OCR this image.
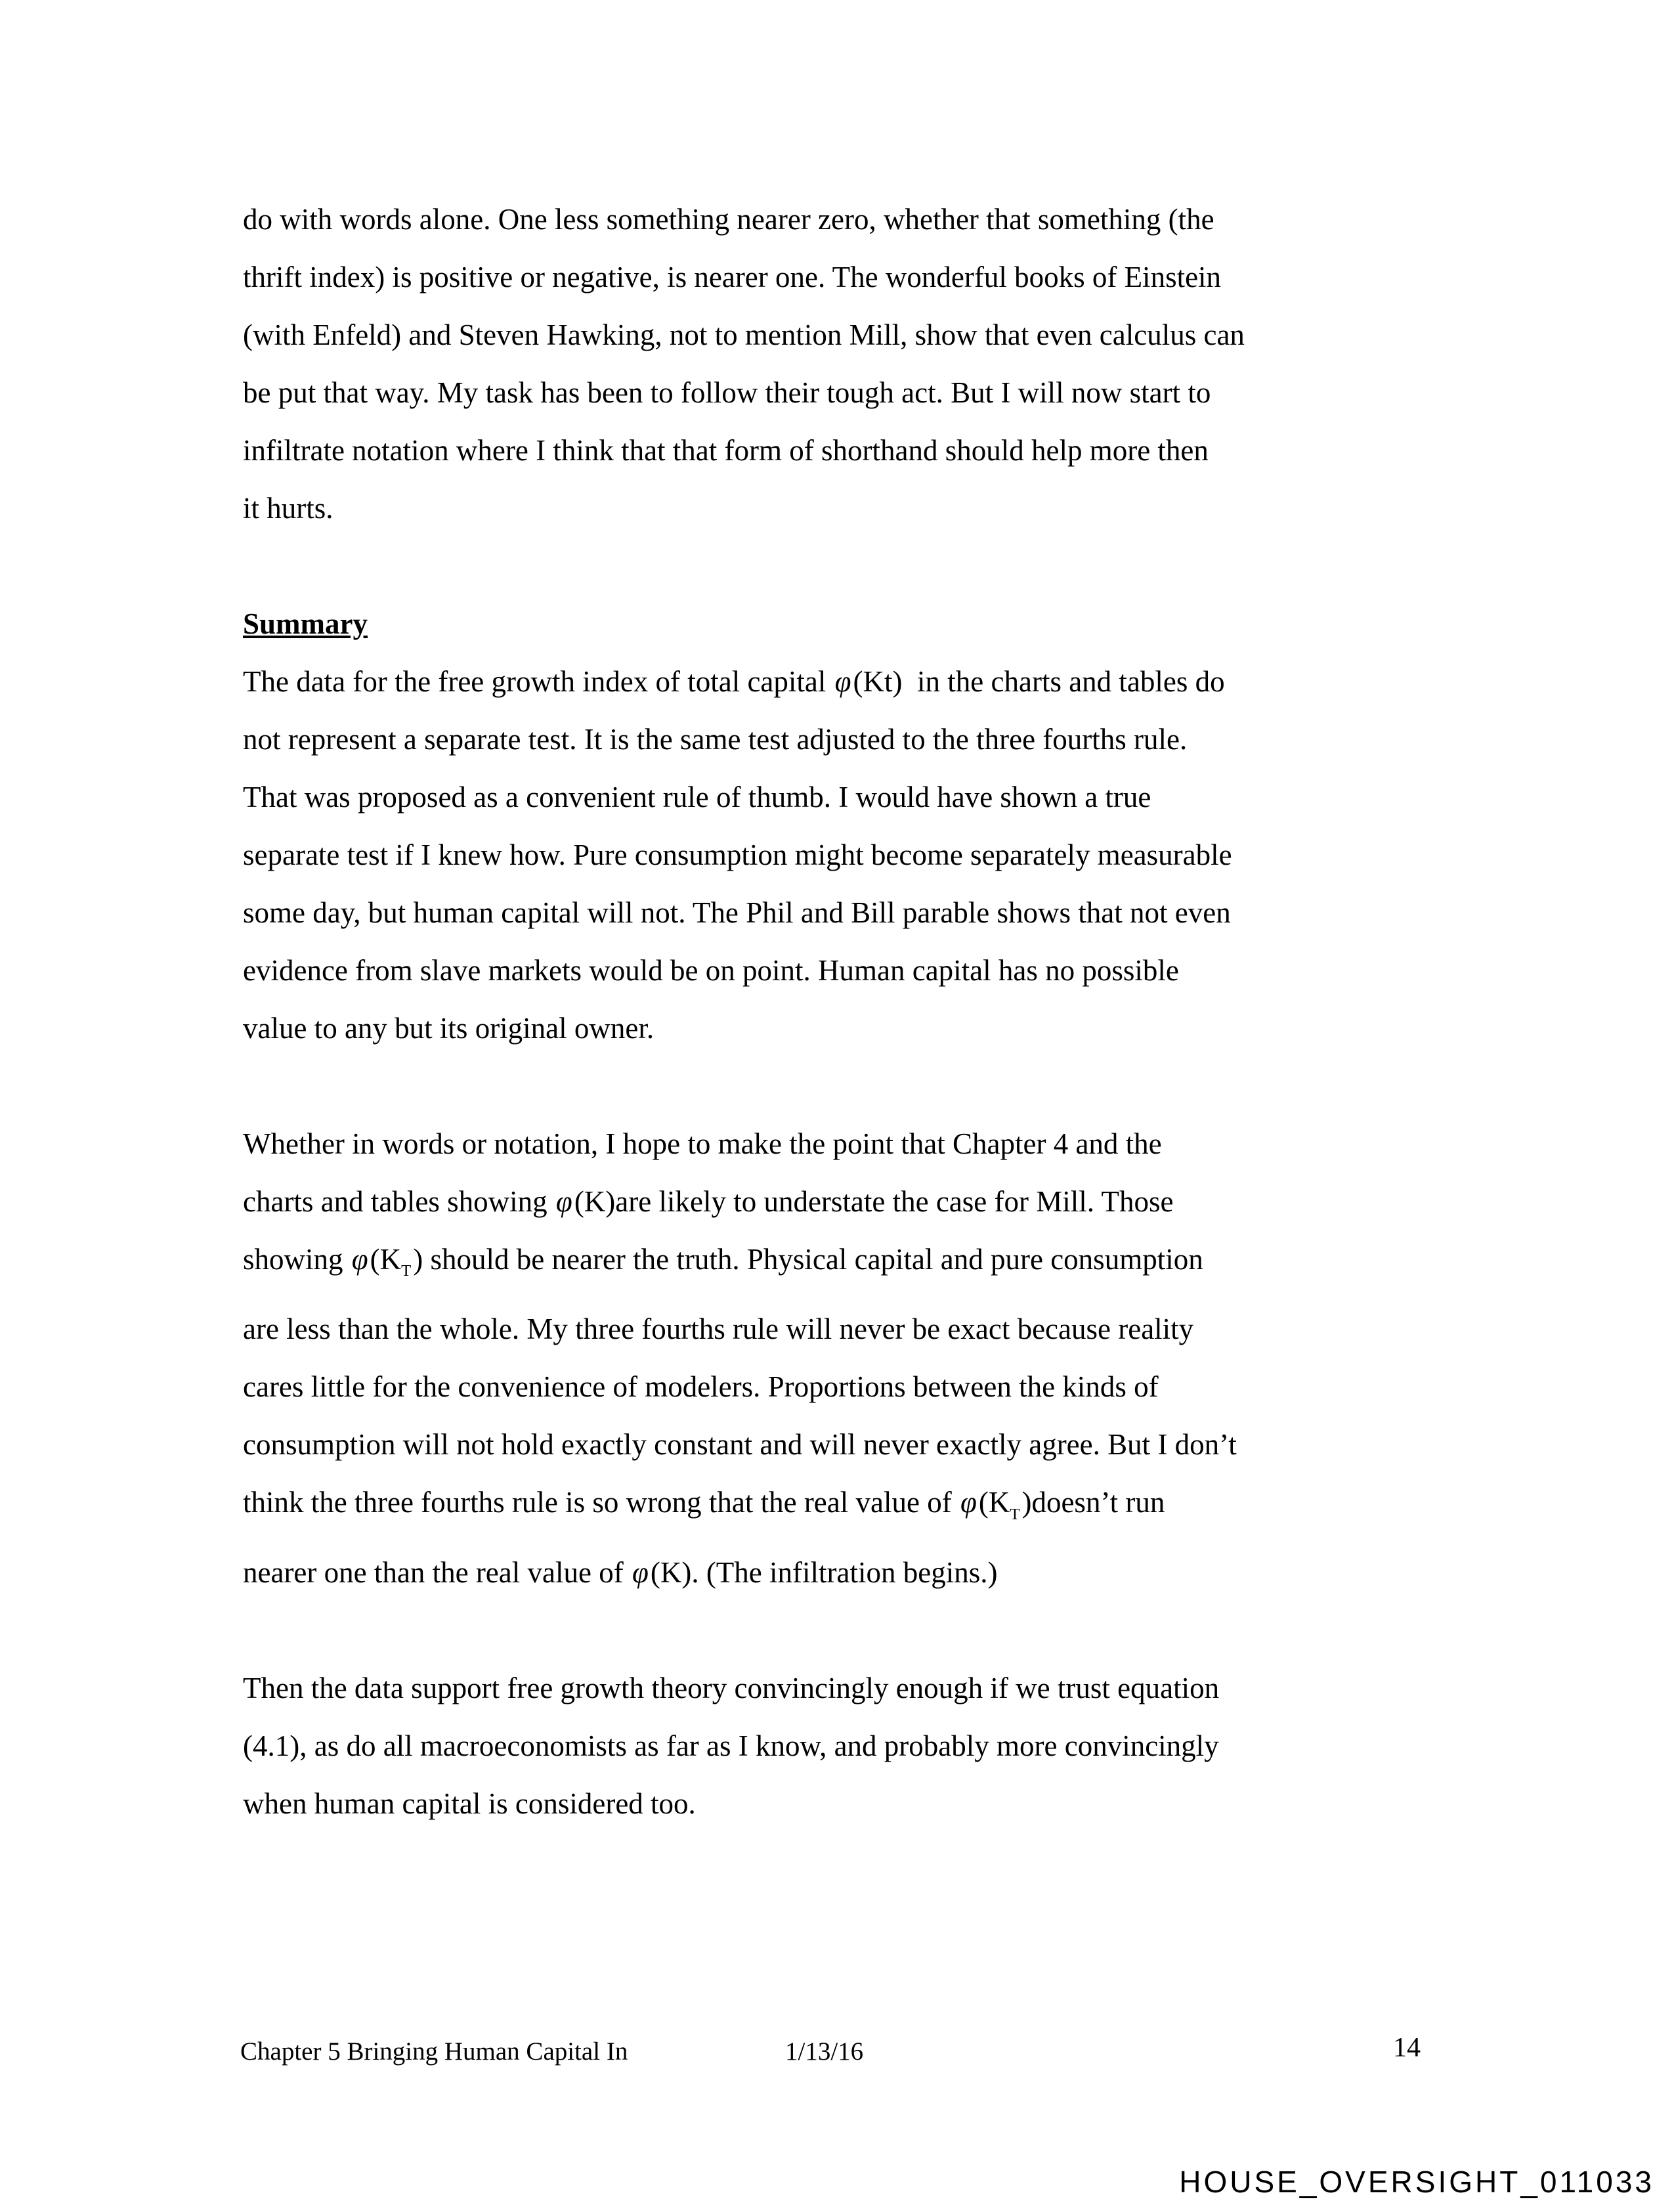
do with words alone. One less something nearer zero, whether that something (the
thrift index) is positive or negative, is nearer one. The wonderful books of Einstein
(with Enfeld) and Steven Hawking, not to mention Mill, show that even calculus can
be put that way. My task has been to follow their tough act. But I will now start to
infiltrate notation where I think that that form of shorthand should help more then
it hurts.
Summary
The data for the free growth index of total capital φ(Kt)  in the charts and tables do
not represent a separate test. It is the same test adjusted to the three fourths rule.
That was proposed as a convenient rule of thumb. I would have shown a true
separate test if I knew how. Pure consumption might become separately measurable
some day, but human capital will not. The Phil and Bill parable shows that not even
evidence from slave markets would be on point. Human capital has no possible
value to any but its original owner.
Whether in words or notation, I hope to make the point that Chapter 4 and the
charts and tables showing φ(K)are likely to understate the case for Mill. Those
showing $\varphi(K_T)$ should be nearer the truth. Physical capital and pure consumption
are less than the whole. My three fourths rule will never be exact because reality
cares little for the convenience of modelers. Proportions between the kinds of
consumption will not hold exactly constant and will never exactly agree. But I don’t
think the three fourths rule is so wrong that the real value of $\varphi(K_T)doesn’t$ run
nearer one than the real value of φ(K). (The infiltration begins.)
Then the data support free growth theory convincingly enough if we trust equation
(4.1), as do all macroeconomists as far as I know, and probably more convincingly
when human capital is considered too.
Chapter 5 Bringing Human Capital In	1/13/16	14
HOUSE_OVERSIGHT_011033
